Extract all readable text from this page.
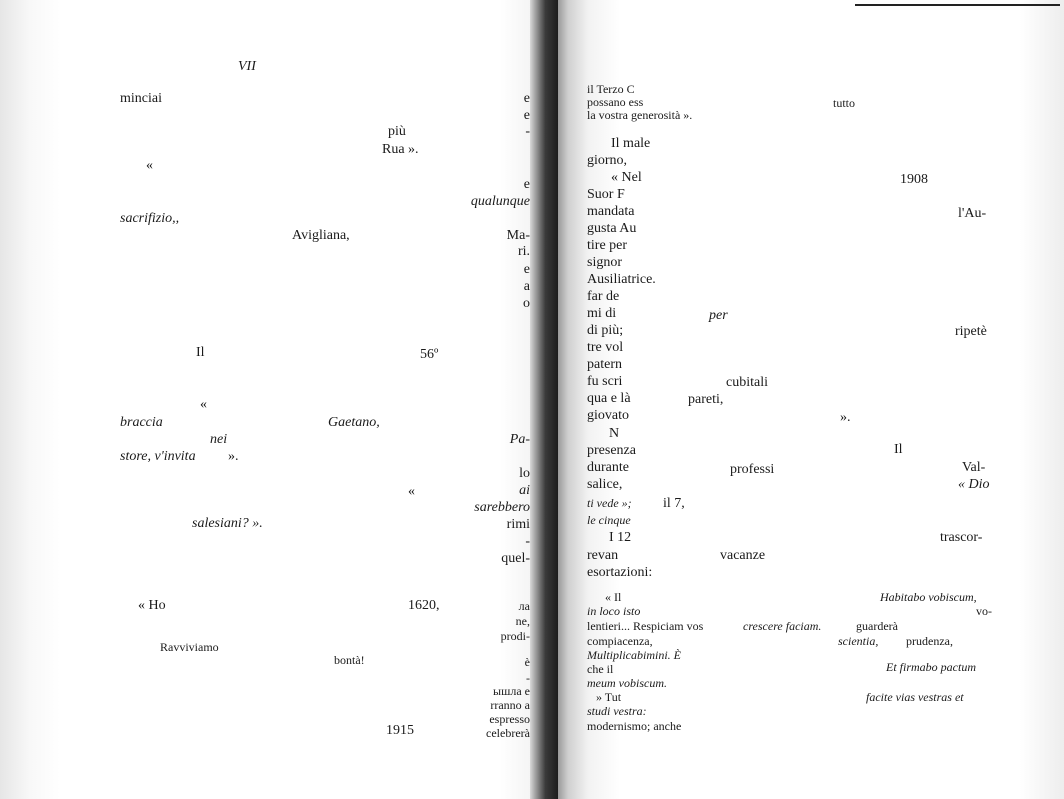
VII
minciai
più
Rua ».
«
sacrifizio,,
Avigliana,
Il	56º
«
braccia	Gaetano,
nei
store, v'invita ».
«
salesiani? ».
« Ho	1620,
Ravviviamo
bontà!
1915
e
e
-
e
qualunque
Ma-
ri.
e
a
o
Pa-
lo
ai
sarebbero
rimi
-
quel-
ла
ne,
prodi-
è
-
ышла e
rranno a
espresso
celebrerà
il Terzo C
possano ess	tutto
la vostra generosità ».
Il male
giorno,
« Nel	1908
Suor F
mandata	l'Au-
gusta Au
tire per
signor
Ausiliatrice.
far de
mi di	per
di più;	ripetè
tre vol
patern
fu scri	cubitali
qua e là	pareti,
giovato	».
N
Il
presenza
durante	professi	Val-
salice,	« Dio
ti vede »; il 7,
le cinque
I 12	trascor-
revan	vacanze
esortazioni:
« Il	Habitabo vobiscum,
in loco isto	vo-
lentieri... Respiciam vos	crescere faciam.	guarderà
compiacenza,	scientia, prudenza,
Multiplicabimini. È
che il	Et firmabo pactum
meum vobiscum.
» Tut	facite vias vestras et
studi vestra:
modernismo; anche
